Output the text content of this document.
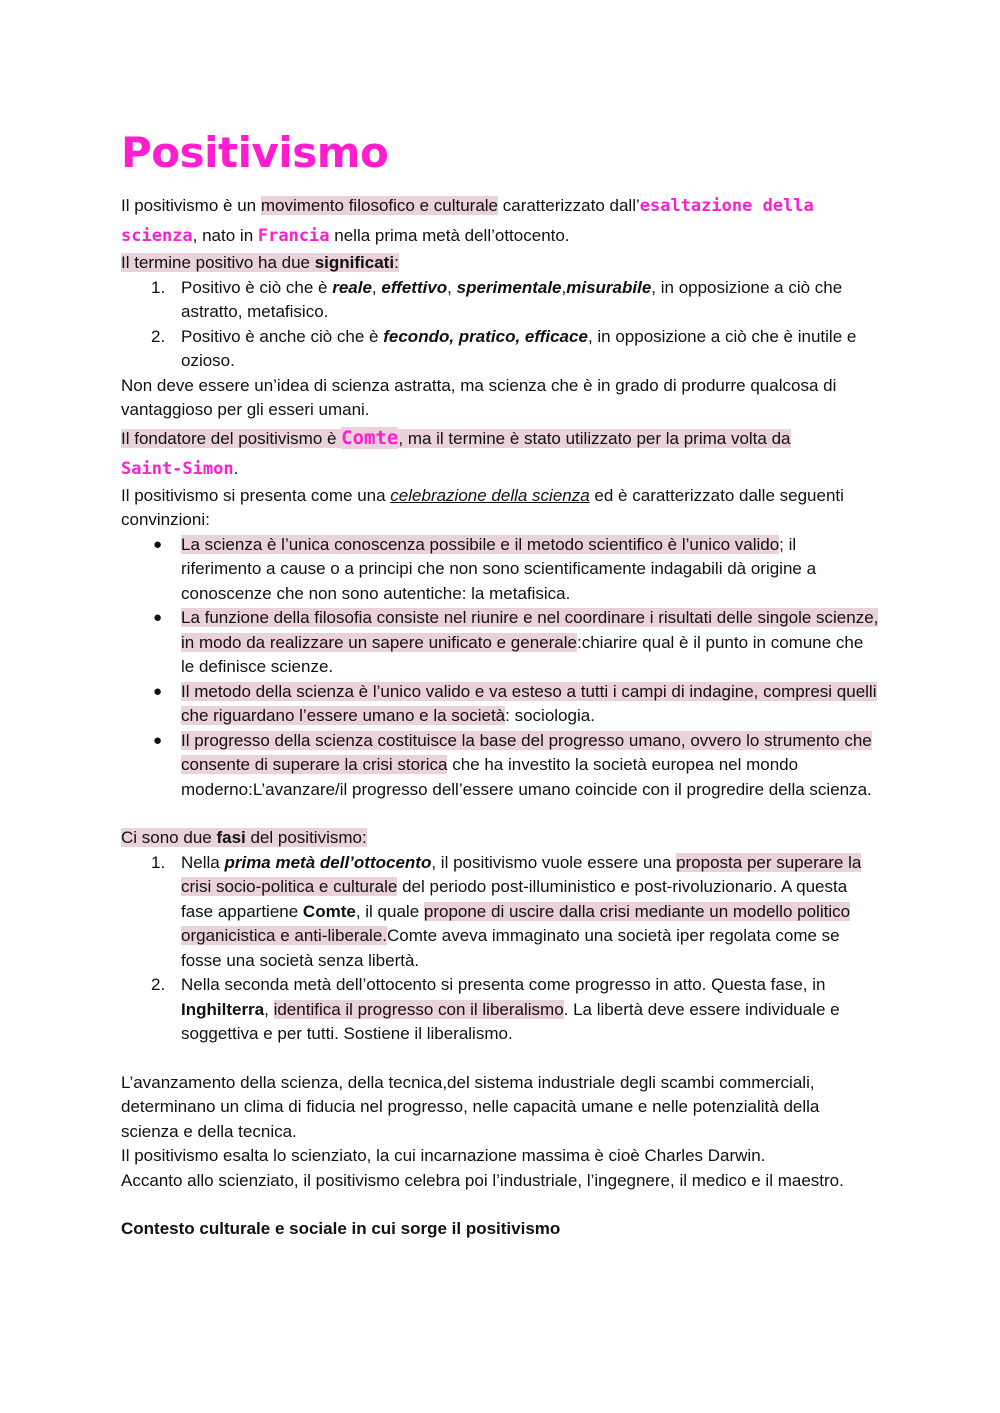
Positivismo

Il positivismo è un movimento filosofico e culturale caratterizzato dall’esaltazione della scienza, nato in Francia nella prima metà dell’ottocento.

Il termine positivo ha due significati:

1. Positivo è ciò che è reale, effettivo, sperimentale,misurabile, in opposizione a ciò che astratto, metafisico.
2. Positivo è anche ciò che è fecondo, pratico, efficace, in opposizione a ciò che è inutile e ozioso.

Non deve essere un’idea di scienza astratta, ma scienza che è in grado di produrre qualcosa di vantaggioso per gli esseri umani.

Il fondatore del positivismo è Comte, ma il termine è stato utilizzato per la prima volta da
Saint-Simon.

Il positivismo si presenta come una celebrazione della scienza ed è caratterizzato dalle seguenti convinzioni:

● La scienza è l’unica conoscenza possibile e il metodo scientifico è l’unico valido; il riferimento a cause o a principi che non sono scientificamente indagabili dà origine a conoscenze che non sono autentiche: la metafisica.
● La funzione della filosofia consiste nel riunire e nel coordinare i risultati delle singole scienze, in modo da realizzare un sapere unificato e generale:chiarire qual è il punto in comune che le definisce scienze.
● Il metodo della scienza è l’unico valido e va esteso a tutti i campi di indagine, compresi quelli che riguardano l’essere umano e la società: sociologia.
● Il progresso della scienza costituisce la base del progresso umano, ovvero lo strumento che consente di superare la crisi storica che ha investito la società europea nel mondo moderno:L’avanzare/il progresso dell’essere umano coincide con il progredire della scienza.

Ci sono due fasi del positivismo:

1. Nella prima metà dell’ottocento, il positivismo vuole essere una proposta per superare la crisi socio-politica e culturale del periodo post-illuministico e post-rivoluzionario. A questa fase appartiene Comte, il quale propone di uscire dalla crisi mediante un modello politico organicistica e anti-liberale.Comte aveva immaginato una società iper regolata come se fosse una società senza libertà.
2. Nella seconda metà dell’ottocento si presenta come progresso in atto. Questa fase, in Inghilterra, identifica il progresso con il liberalismo. La libertà deve essere individuale e soggettiva e per tutti. Sostiene il liberalismo.

L’avanzamento della scienza, della tecnica,del sistema industriale degli scambi commerciali, determinano un clima di fiducia nel progresso, nelle capacità umane e nelle potenzialità della scienza e della tecnica.

Il positivismo esalta lo scienziato, la cui incarnazione massima è cioè Charles Darwin.

Accanto allo scienziato, il positivismo celebra poi l’industriale, l’ingegnere, il medico e il maestro.

Contesto culturale e sociale in cui sorge il positivismo
